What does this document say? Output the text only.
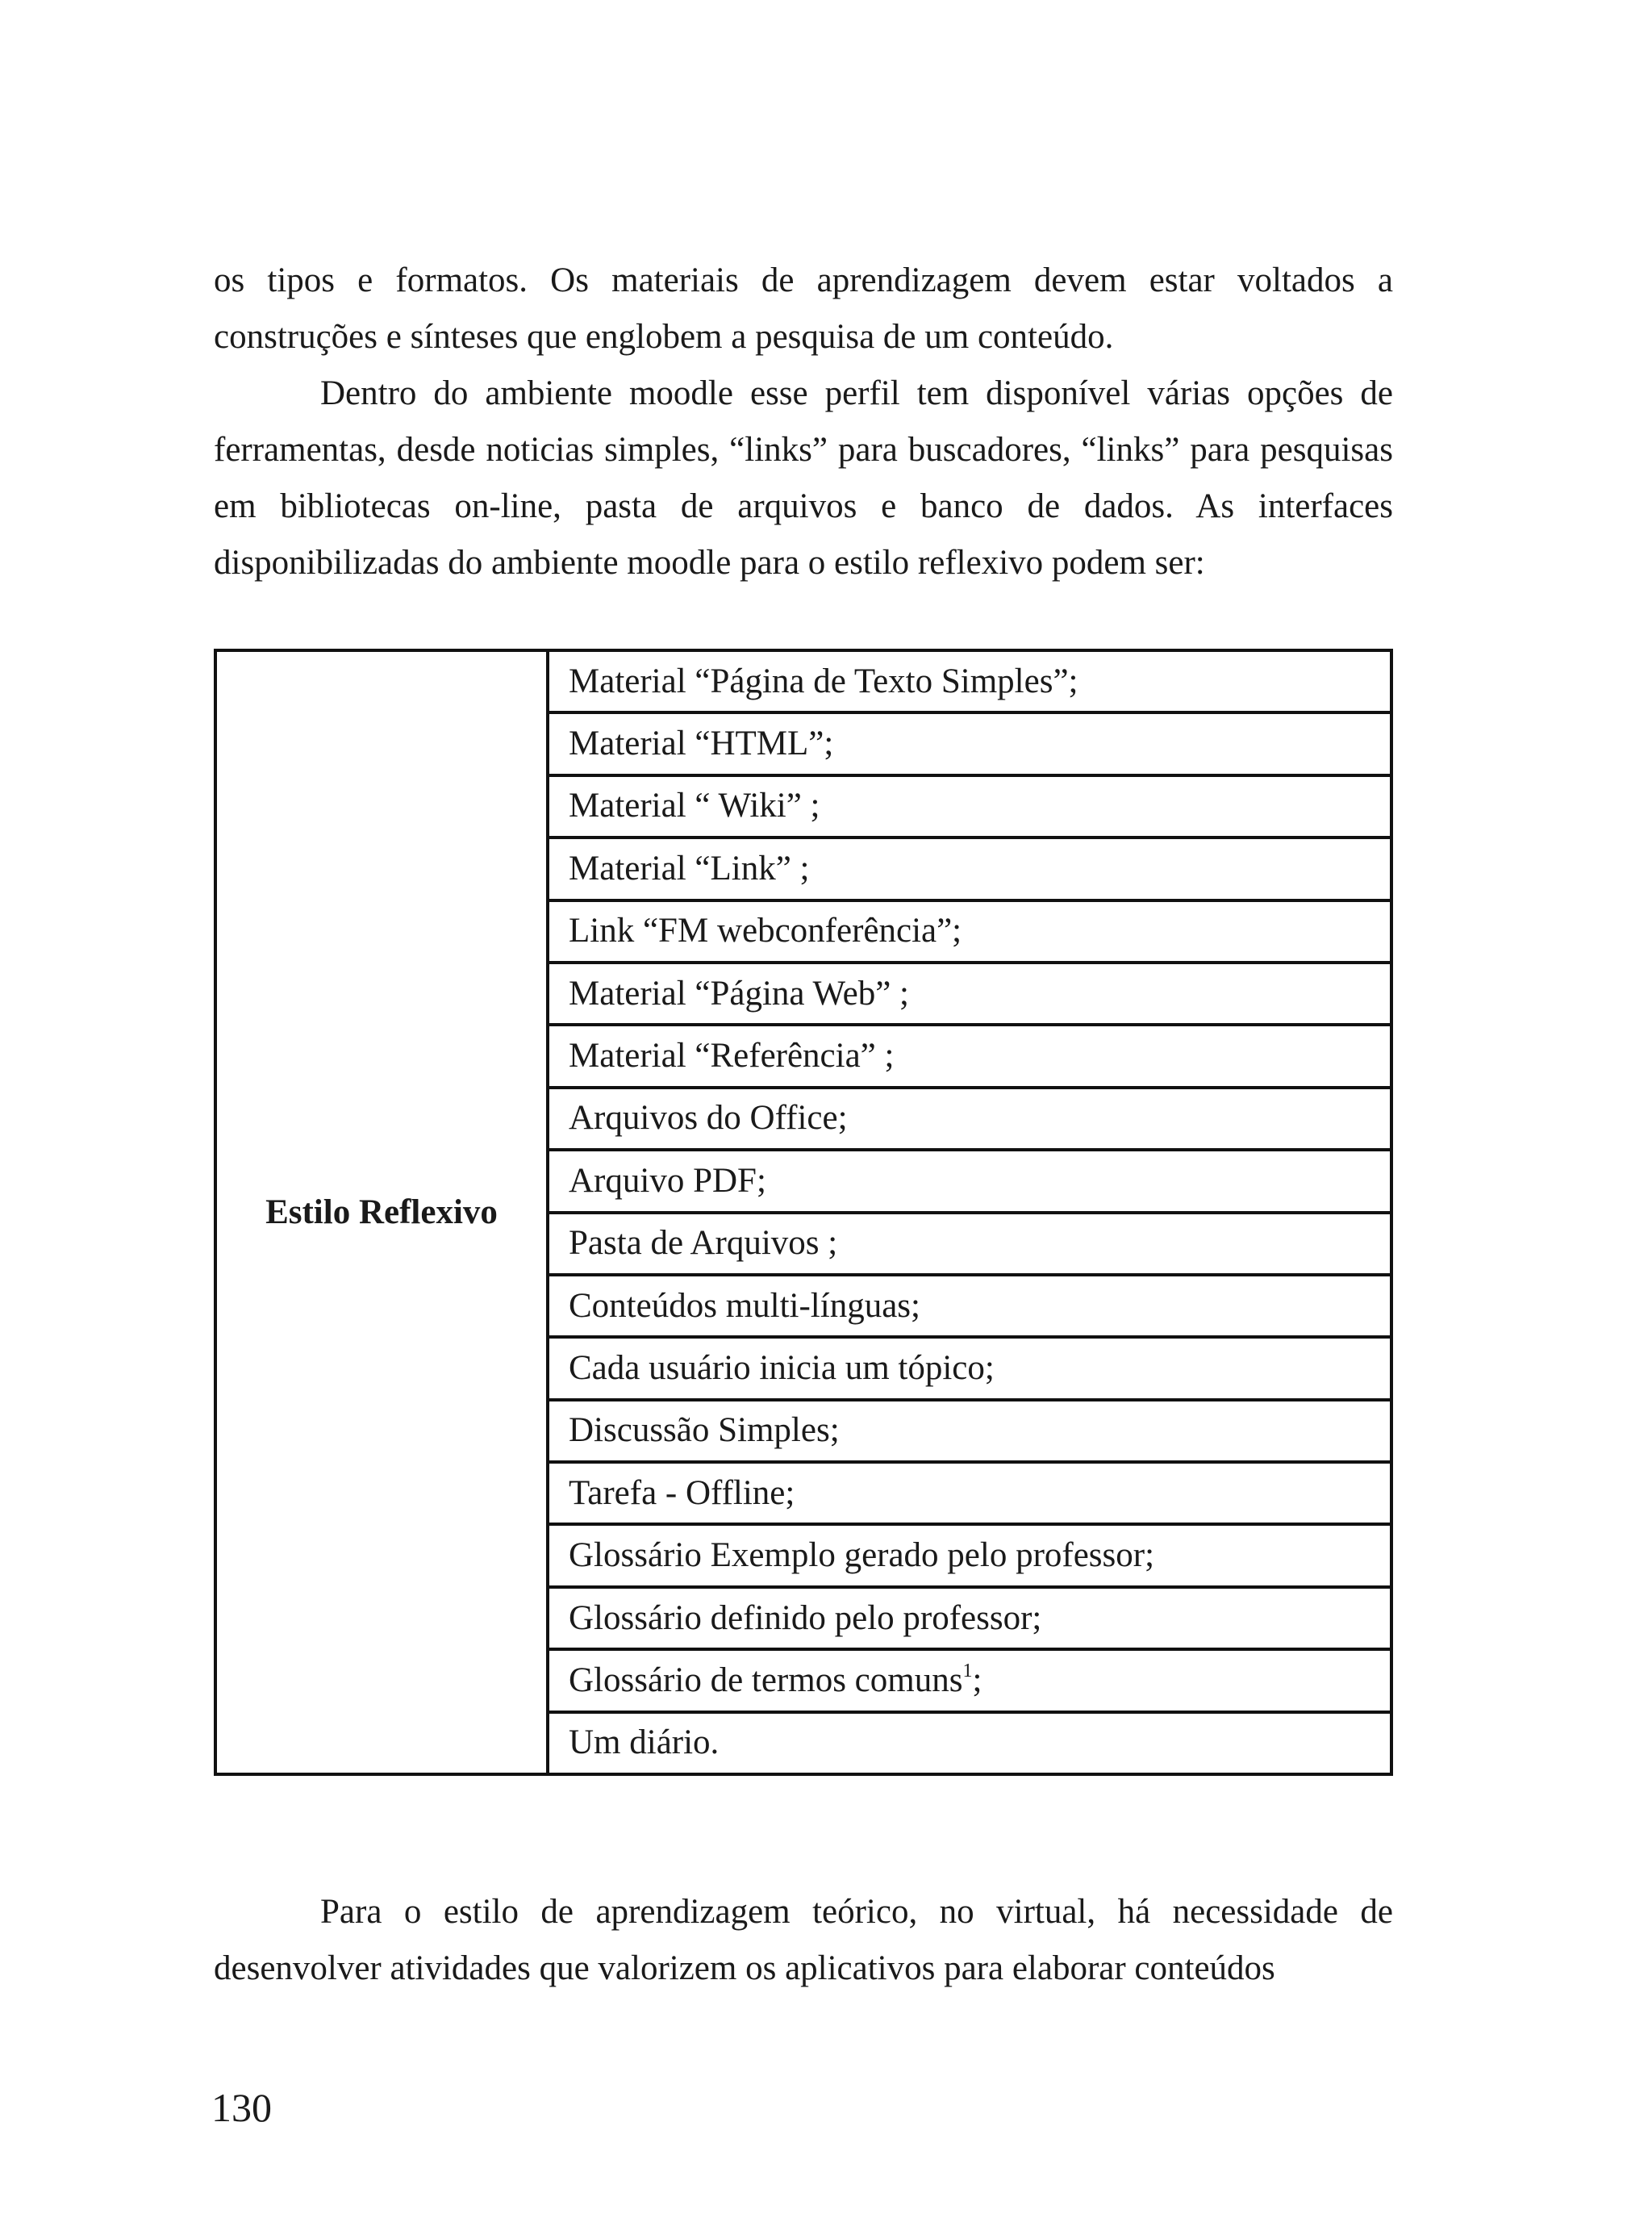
os tipos e formatos. Os materiais de aprendizagem devem estar voltados a construções e sínteses que englobem a pesquisa de um conteúdo.

Dentro do ambiente moodle esse perfil tem disponível várias opções de ferramentas, desde noticias simples, “links” para buscadores, “links” para pesquisas em bibliotecas on-line, pasta de arquivos e banco de dados. As interfaces disponibilizadas do ambiente moodle para o estilo reflexivo podem ser:

Estilo Reflexivo	Material “Página de Texto Simples”;
Material “HTML”;
Material “ Wiki” ;
Material “Link” ;
Link “FM webconferência”;
Material “Página Web” ;
Material “Referência” ;
Arquivos do Office;
Arquivo PDF;
Pasta de Arquivos ;
Conteúdos multi-línguas;
Cada usuário inicia um tópico;
Discussão Simples;
Tarefa - Offline;
Glossário Exemplo gerado pelo professor;
Glossário definido pelo professor;
Glossário de termos comuns$^1$;
Um diário.

Para o estilo de aprendizagem teórico, no virtual, há necessidade de desenvolver atividades que valorizem os aplicativos para elaborar conteúdos

130
